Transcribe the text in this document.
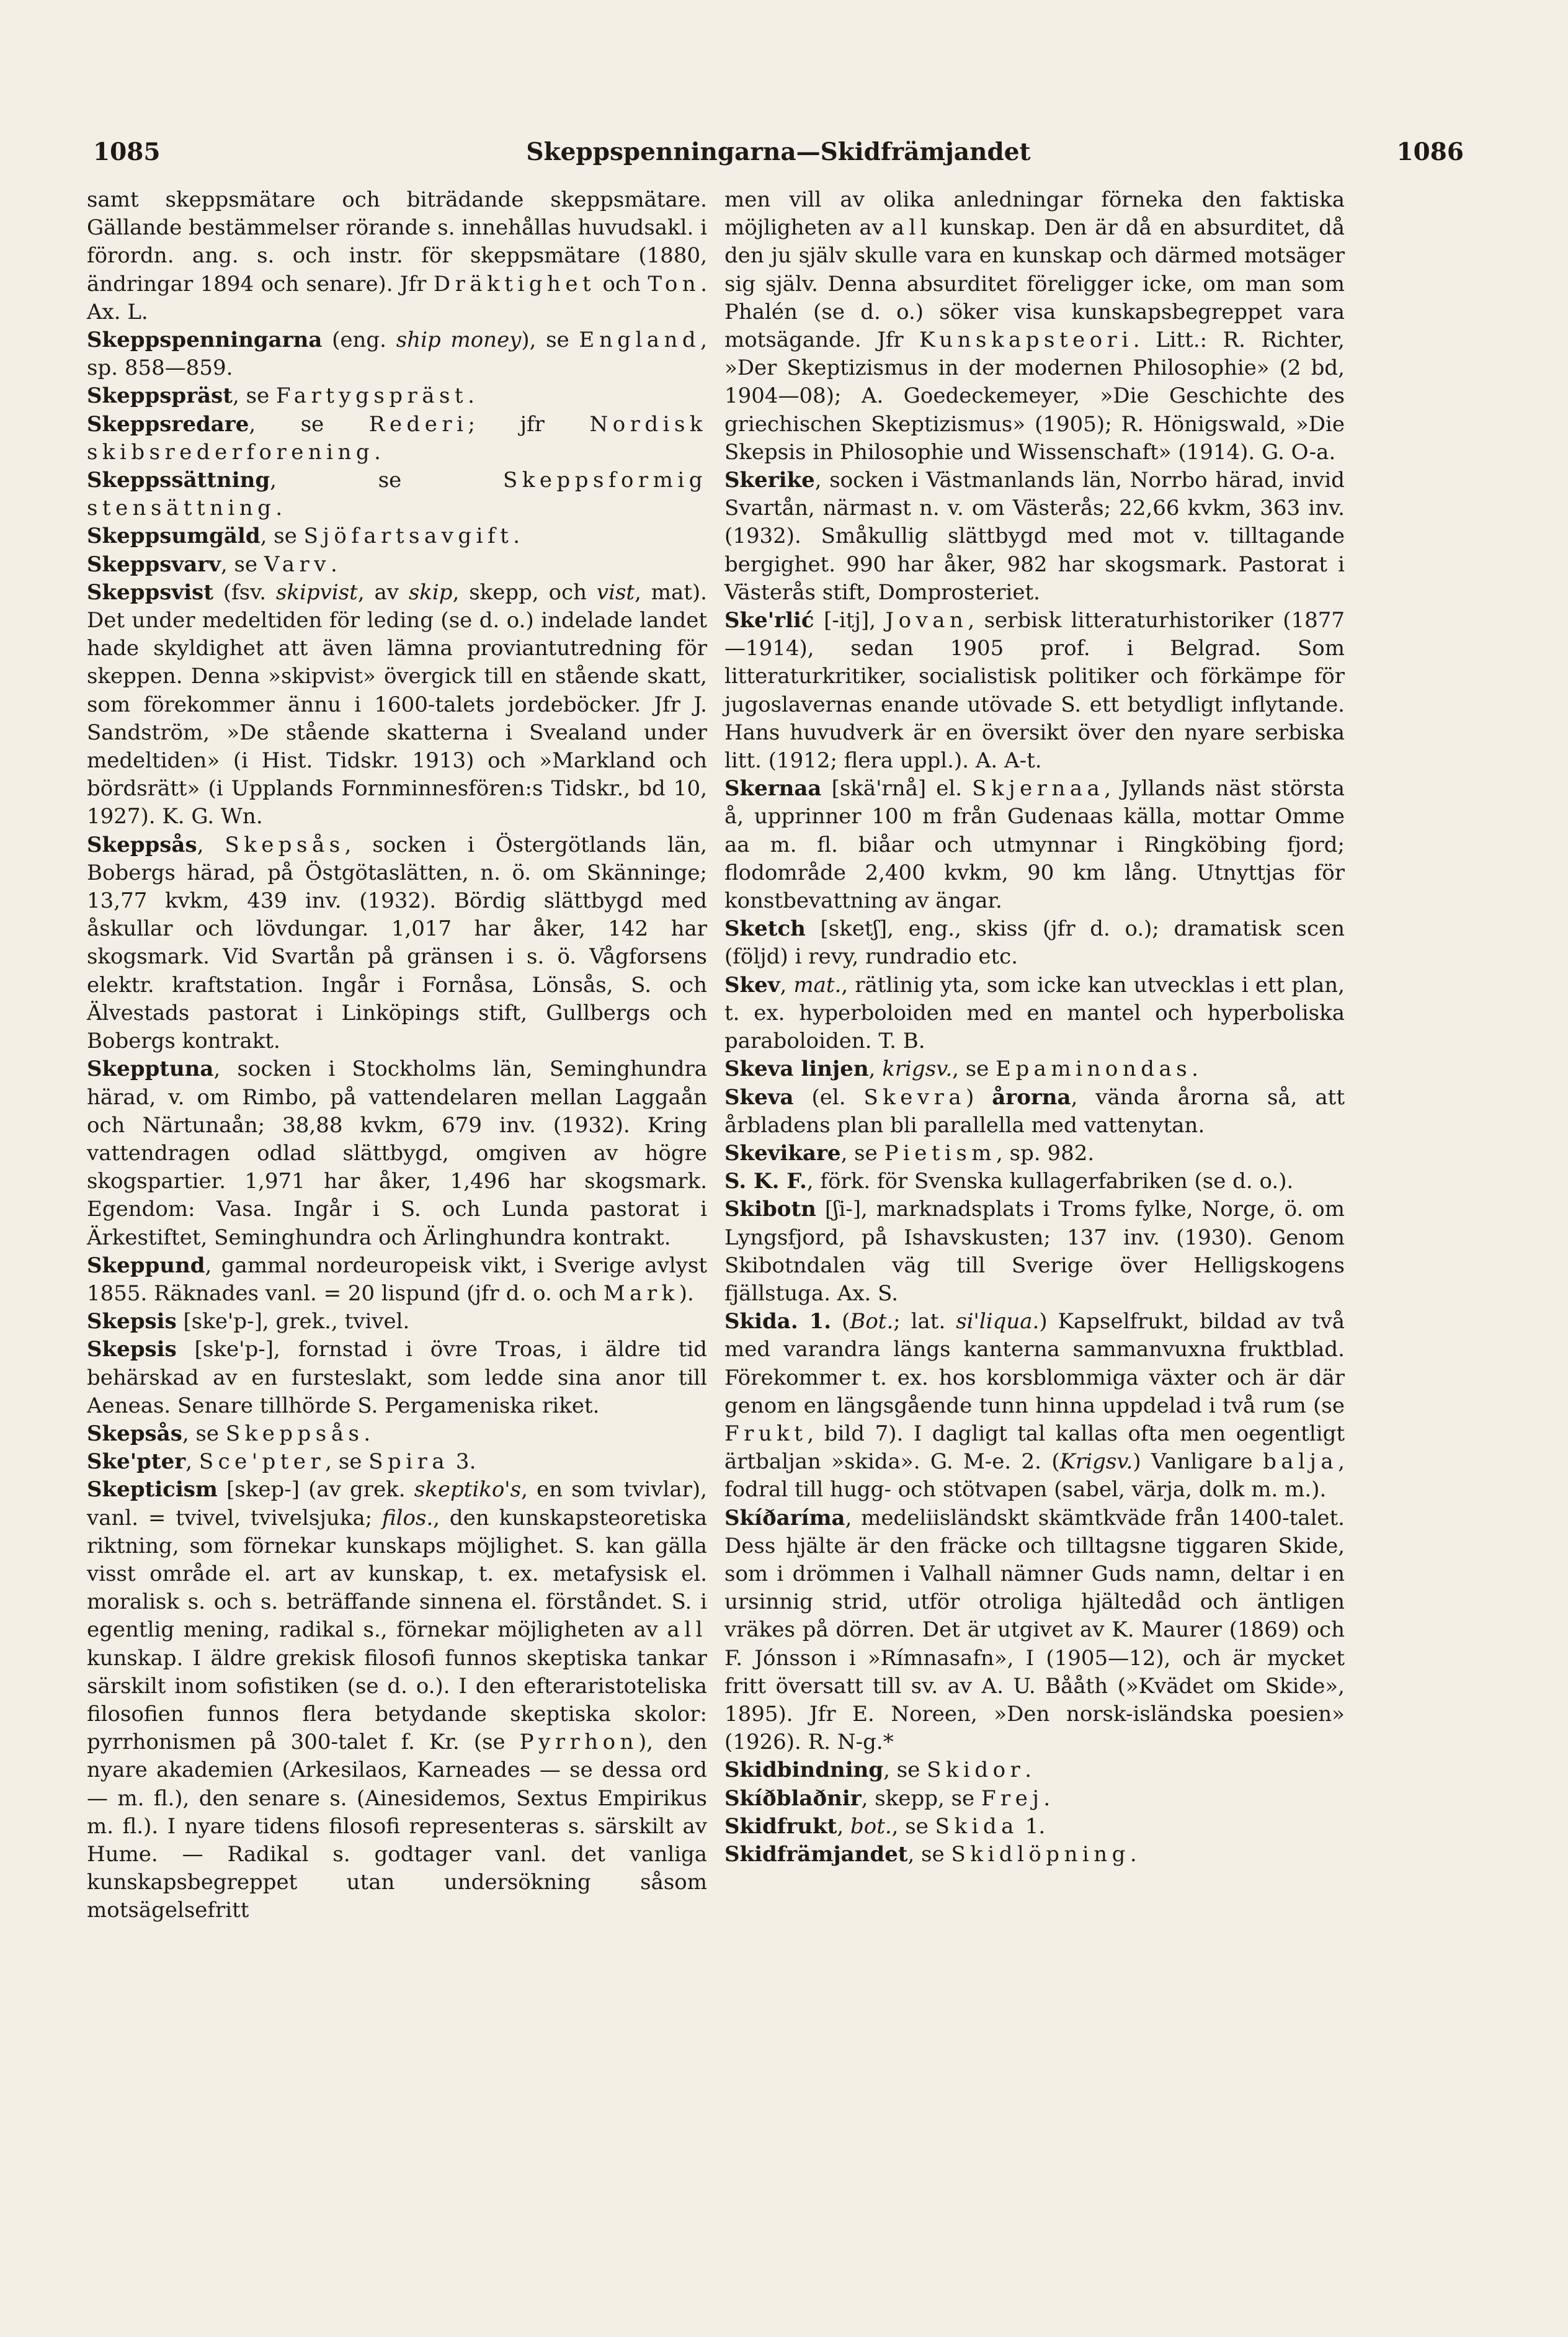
1085	Skeppspenningarna—Skidfrämjandet	1086

samt skeppsmätare och biträdande skeppsmätare. Gällande bestämmelser rörande s. innehållas huvudsakl. i förordn. ang. s. och instr. för skeppsmätare (1880, ändringar 1894 och senare). Jfr Dräktighet och Ton. Ax. L.

Skeppspenningarna (eng. ship money), se England, sp. 858—859.

Skeppspräst, se Fartygspräst.

Skeppsredare, se Rederi; jfr Nordisk skibsrederforening.

Skeppssättning, se Skeppsformig stensättning.

Skeppsumgäld, se Sjöfartsavgift.

Skeppsvarv, se Varv.

Skeppsvist (fsv. skipvist, av skip, skepp, och vist, mat). Det under medeltiden för leding (se d. o.) indelade landet hade skyldighet att även lämna proviantutredning för skeppen. Denna »skipvist» övergick till en stående skatt, som förekommer ännu i 1600-talets jordeböcker. Jfr J. Sandström, »De stående skatterna i Svealand under medeltiden» (i Hist. Tidskr. 1913) och »Markland och bördsrätt» (i Upplands Fornminnesfören:s Tidskr., bd 10, 1927). K. G. Wn.

Skeppsås, Skepsås, socken i Östergötlands län, Bobergs härad, på Östgötaslätten, n. ö. om Skänninge; 13,77 kvkm, 439 inv. (1932). Bördig slättbygd med åskullar och lövdungar. 1,017 har åker, 142 har skogsmark. Vid Svartån på gränsen i s. ö. Vågforsens elektr. kraftstation. Ingår i Fornåsa, Lönsås, S. och Älvestads pastorat i Linköpings stift, Gullbergs och Bobergs kontrakt.

Skepptuna, socken i Stockholms län, Seminghundra härad, v. om Rimbo, på vattendelaren mellan Laggaån och Närtunaån; 38,88 kvkm, 679 inv. (1932). Kring vattendragen odlad slättbygd, omgiven av högre skogspartier. 1,971 har åker, 1,496 har skogsmark. Egendom: Vasa. Ingår i S. och Lunda pastorat i Ärkestiftet, Seminghundra och Ärlinghundra kontrakt.

Skeppund, gammal nordeuropeisk vikt, i Sverige avlyst 1855. Räknades vanl. = 20 lispund (jfr d. o. och Mark).

Skepsis [ske'p-], grek., tvivel.

Skepsis [ske'p-], fornstad i övre Troas, i äldre tid behärskad av en fursteslakt, som ledde sina anor till Aeneas. Senare tillhörde S. Pergameniska riket.

Skepsås, se Skeppsås.

Ske'pter, Sce'pter, se Spira 3.

Skepticism [skep-] (av grek. skeptiko's, en som tvivlar), vanl. = tvivel, tvivelsjuka; filos., den kunskapsteoretiska riktning, som förnekar kunskaps möjlighet. S. kan gälla visst område el. art av kunskap, t. ex. metafysisk el. moralisk s. och s. beträffande sinnena el. förståndet. S. i egentlig mening, radikal s., förnekar möjligheten av all kunskap. I äldre grekisk filosofi funnos skeptiska tankar särskilt inom sofistiken (se d. o.). I den efteraristoteliska filosofien funnos flera betydande skeptiska skolor: pyrrhonismen på 300-talet f. Kr. (se Pyrrhon), den nyare akademien (Arkesilaos, Karneades — se dessa ord — m. fl.), den senare s. (Ainesidemos, Sextus Empirikus m. fl.). I nyare tidens filosofi representeras s. särskilt av Hume. — Radikal s. godtager vanl. det vanliga kunskapsbegreppet utan undersökning såsom motsägelsefritt

men vill av olika anledningar förneka den faktiska möjligheten av all kunskap. Den är då en absurditet, då den ju själv skulle vara en kunskap och därmed motsäger sig själv. Denna absurditet föreligger icke, om man som Phalén (se d. o.) söker visa kunskapsbegreppet vara motsägande. Jfr Kunskapsteori. Litt.: R. Richter, »Der Skeptizismus in der modernen Philosophie» (2 bd, 1904—08); A. Goedeckemeyer, »Die Geschichte des griechischen Skeptizismus» (1905); R. Hönigswald, »Die Skepsis in Philosophie und Wissenschaft» (1914). G. O-a.

Skerike, socken i Västmanlands län, Norrbo härad, invid Svartån, närmast n. v. om Västerås; 22,66 kvkm, 363 inv. (1932). Småkullig slättbygd med mot v. tilltagande bergighet. 990 har åker, 982 har skogsmark. Pastorat i Västerås stift, Domprosteriet.

Ske'rlić [-itj], Jovan, serbisk litteraturhistoriker (1877—1914), sedan 1905 prof. i Belgrad. Som litteraturkritiker, socialistisk politiker och förkämpe för jugoslavernas enande utövade S. ett betydligt inflytande. Hans huvudverk är en översikt över den nyare serbiska litt. (1912; flera uppl.). A. A-t.

Skernaa [skä'rnå] el. Skjernaa, Jyllands näst största å, upprinner 100 m från Gudenaas källa, mottar Omme aa m. fl. biåar och utmynnar i Ringköbing fjord; flodområde 2,400 kvkm, 90 km lång. Utnyttjas för konstbevattning av ängar.

Sketch [sketʃ], eng., skiss (jfr d. o.); dramatisk scen (följd) i revy, rundradio etc.

Skev, mat., rätlinig yta, som icke kan utvecklas i ett plan, t. ex. hyperboloiden med en mantel och hyperboliska paraboloiden. T. B.

Skeva linjen, krigsv., se Epaminondas.

Skeva (el. Skevra) årorna, vända årorna så, att årbladens plan bli parallella med vattenytan.

Skevikare, se Pietism, sp. 982.

S. K. F., förk. för Svenska kullagerfabriken (se d. o.).

Skibotn [ʃi-], marknadsplats i Troms fylke, Norge, ö. om Lyngsfjord, på Ishavskusten; 137 inv. (1930). Genom Skibotndalen väg till Sverige över Helligskogens fjällstuga. Ax. S.

Skida. 1. (Bot.; lat. si'liqua.) Kapselfrukt, bildad av två med varandra längs kanterna sammanvuxna fruktblad. Förekommer t. ex. hos korsblommiga växter och är där genom en längsgående tunn hinna uppdelad i två rum (se Frukt, bild 7). I dagligt tal kallas ofta men oegentligt ärtbaljan »skida». G. M-e. 2. (Krigsv.) Vanligare balja, fodral till hugg- och stötvapen (sabel, värja, dolk m. m.).

Skíðaríma, medeliisländskt skämtkväde från 1400-talet. Dess hjälte är den fräcke och tilltagsne tiggaren Skide, som i drömmen i Valhall nämner Guds namn, deltar i en ursinnig strid, utför otroliga hjältedåd och äntligen vräkes på dörren. Det är utgivet av K. Maurer (1869) och F. Jónsson i »Rímnasafn», I (1905—12), och är mycket fritt översatt till sv. av A. U. Bååth (»Kvädet om Skide», 1895). Jfr E. Noreen, »Den norsk-isländska poesien» (1926). R. N-g.*

Skidbindning, se Skidor.

Skíðblaðnir, skepp, se Frej.

Skidfrukt, bot., se Skida 1.

Skidfrämjandet, se Skidlöpning.
